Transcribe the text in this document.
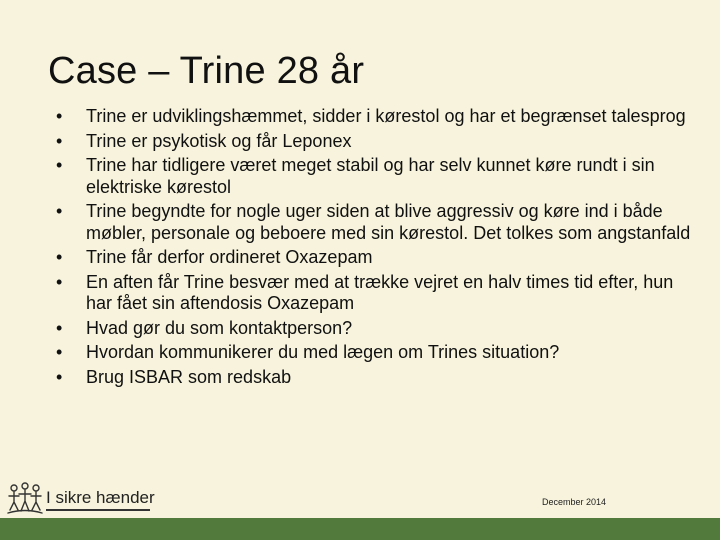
Case – Trine 28 år
•	Trine er udviklingshæmmet, sidder i kørestol og har et begrænset talesprog
•	Trine er psykotisk og får Leponex
•	Trine har tidligere været meget stabil og har selv kunnet køre rundt i sin elektriske kørestol
•	Trine begyndte for nogle uger siden at blive aggressiv og køre ind i både møbler, personale og beboere med sin kørestol. Det tolkes som angstanfald
•	Trine får derfor ordineret Oxazepam
•	En aften får Trine besvær med at trække vejret en halv times tid efter, hun har fået sin aftendosis Oxazepam
•	Hvad gør du som kontaktperson?
•	Hvordan kommunikerer du med lægen om Trines situation?
•	Brug ISBAR som redskab
I sikre hænder	December 2014
